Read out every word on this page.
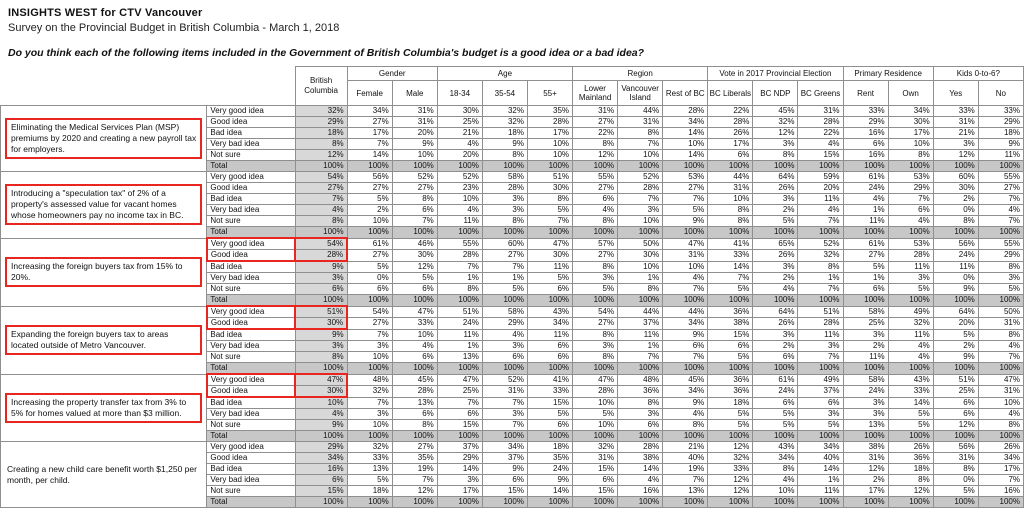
INSIGHTS WEST for CTV Vancouver
Survey on the Provincial Budget in British Columbia - March 1, 2018
Do you think each of the following items included in the Government of British Columbia's budget is a good idea or a bad idea?
		British Columbia	Gender		Age			Region			Vote in 2017 Provincial Election			Primary Residence		Kids 0-to-6?	
			Female	Male	18-34	35-54	55+	Lower Mainland	Vancouver Island	Rest of BC	BC Liberals	BC NDP	BC Greens	Rent	Own	Yes	No
Eliminating the Medical Services Plan (MSP) premiums by 2020 and creating a new payroll tax for employers.	Very good idea	32%	34%	31%	30%	32%	35%	31%	44%	28%	22%	45%	31%	33%	34%	33%	33%
	Good idea	29%	27%	31%	25%	32%	28%	27%	31%	34%	28%	32%	28%	29%	30%	31%	29%
	Bad idea	18%	17%	20%	21%	18%	17%	22%	8%	14%	26%	12%	22%	16%	17%	21%	18%
	Very bad idea	8%	7%	9%	4%	9%	10%	8%	7%	10%	17%	3%	4%	6%	10%	3%	9%
	Not sure	12%	14%	10%	20%	8%	10%	12%	10%	14%	6%	8%	15%	16%	8%	12%	11%
	Total	100%	100%	100%	100%	100%	100%	100%	100%	100%	100%	100%	100%	100%	100%	100%	100%
Introducing a "speculation tax" of 2% of a property's assessed value for vacant homes whose homeowners pay no income tax in BC.	Very good idea	54%	56%	52%	52%	58%	51%	55%	52%	53%	44%	64%	59%	61%	53%	60%	55%
	Good idea	27%	27%	27%	23%	28%	30%	27%	28%	27%	31%	26%	20%	24%	29%	30%	27%
	Bad idea	7%	5%	8%	10%	3%	8%	6%	7%	7%	10%	3%	11%	4%	7%	2%	7%
	Very bad idea	4%	2%	6%	4%	3%	5%	4%	3%	5%	8%	2%	4%	1%	6%	0%	4%
	Not sure	8%	10%	7%	11%	8%	7%	8%	10%	9%	8%	5%	7%	11%	4%	8%	7%
	Total	100%	100%	100%	100%	100%	100%	100%	100%	100%	100%	100%	100%	100%	100%	100%	100%
Increasing the foreign buyers tax from 15% to 20%.	Very good idea	54%	61%	46%	55%	60%	47%	57%	50%	47%	41%	65%	52%	61%	53%	56%	55%
	Good idea	28%	27%	30%	28%	27%	30%	27%	30%	31%	33%	26%	32%	27%	28%	24%	29%
	Bad idea	9%	5%	12%	7%	7%	11%	8%	10%	10%	14%	3%	8%	5%	11%	11%	8%
	Very bad idea	3%	0%	5%	1%	1%	5%	3%	1%	4%	7%	2%	1%	1%	3%	0%	3%
	Not sure	6%	6%	6%	8%	5%	6%	5%	8%	7%	5%	4%	7%	6%	5%	9%	5%
	Total	100%	100%	100%	100%	100%	100%	100%	100%	100%	100%	100%	100%	100%	100%	100%	100%
Expanding the foreign buyers tax to areas located outside of Metro Vancouver.	Very good idea	51%	54%	47%	51%	58%	43%	54%	44%	44%	36%	64%	51%	58%	49%	64%	50%
	Good idea	30%	27%	33%	24%	29%	34%	27%	37%	34%	38%	26%	28%	25%	32%	20%	31%
	Bad idea	9%	7%	10%	11%	4%	11%	8%	11%	9%	15%	3%	11%	3%	11%	5%	8%
	Very bad idea	3%	3%	4%	1%	3%	6%	3%	1%	6%	6%	2%	3%	2%	4%	2%	4%
	Not sure	8%	10%	6%	13%	6%	6%	8%	7%	7%	5%	6%	7%	11%	4%	9%	7%
	Total	100%	100%	100%	100%	100%	100%	100%	100%	100%	100%	100%	100%	100%	100%	100%	100%
Increasing the property transfer tax from 3% to 5% for homes valued at more than $3 million.	Very good idea	47%	48%	45%	47%	52%	41%	47%	48%	45%	36%	61%	49%	58%	43%	51%	47%
	Good idea	30%	32%	28%	25%	31%	33%	28%	36%	34%	36%	24%	37%	24%	33%	25%	31%
	Bad idea	10%	7%	13%	7%	7%	15%	10%	8%	9%	18%	6%	6%	3%	14%	6%	10%
	Very bad idea	4%	3%	6%	6%	3%	5%	5%	3%	4%	5%	5%	3%	3%	5%	6%	4%
	Not sure	9%	10%	8%	15%	7%	6%	10%	6%	8%	5%	5%	5%	13%	5%	12%	8%
	Total	100%	100%	100%	100%	100%	100%	100%	100%	100%	100%	100%	100%	100%	100%	100%	100%
Creating a new child care benefit worth $1,250 per month, per child.	Very good idea	29%	32%	27%	37%	34%	18%	32%	28%	21%	12%	43%	34%	38%	26%	56%	26%
	Good idea	34%	33%	35%	29%	37%	35%	31%	38%	40%	32%	34%	40%	31%	36%	31%	34%
	Bad idea	16%	13%	19%	14%	9%	24%	15%	14%	19%	33%	8%	14%	12%	18%	8%	17%
	Very bad idea	6%	5%	7%	3%	6%	9%	6%	4%	7%	12%	4%	1%	2%	8%	0%	7%
	Not sure	15%	18%	12%	17%	15%	14%	15%	16%	13%	12%	10%	11%	17%	12%	5%	16%
	Total	100%	100%	100%	100%	100%	100%	100%	100%	100%	100%	100%	100%	100%	100%	100%	100%
